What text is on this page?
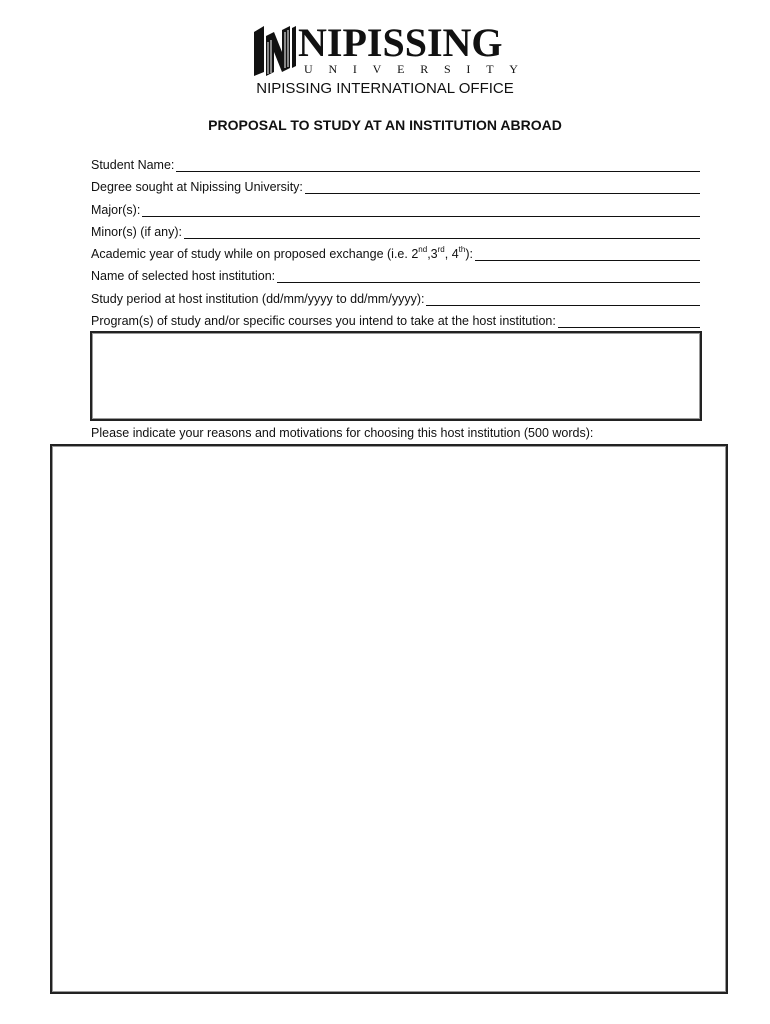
NIPISSING
U N I V E R S I T Y
NIPISSING INTERNATIONAL OFFICE
PROPOSAL TO STUDY AT AN INSTITUTION ABROAD
Student Name:
Degree sought at Nipissing University:
Major(s):
Minor(s) (if any):
Academic year of study while on proposed exchange (i.e. 2nd,3rd, 4th):
Name of selected host institution:
Study period at host institution (dd/mm/yyyy to dd/mm/yyyy):
Program(s) of study and/or specific courses you intend to take at the host institution:
Please indicate your reasons and motivations for choosing this host institution (500 words):
